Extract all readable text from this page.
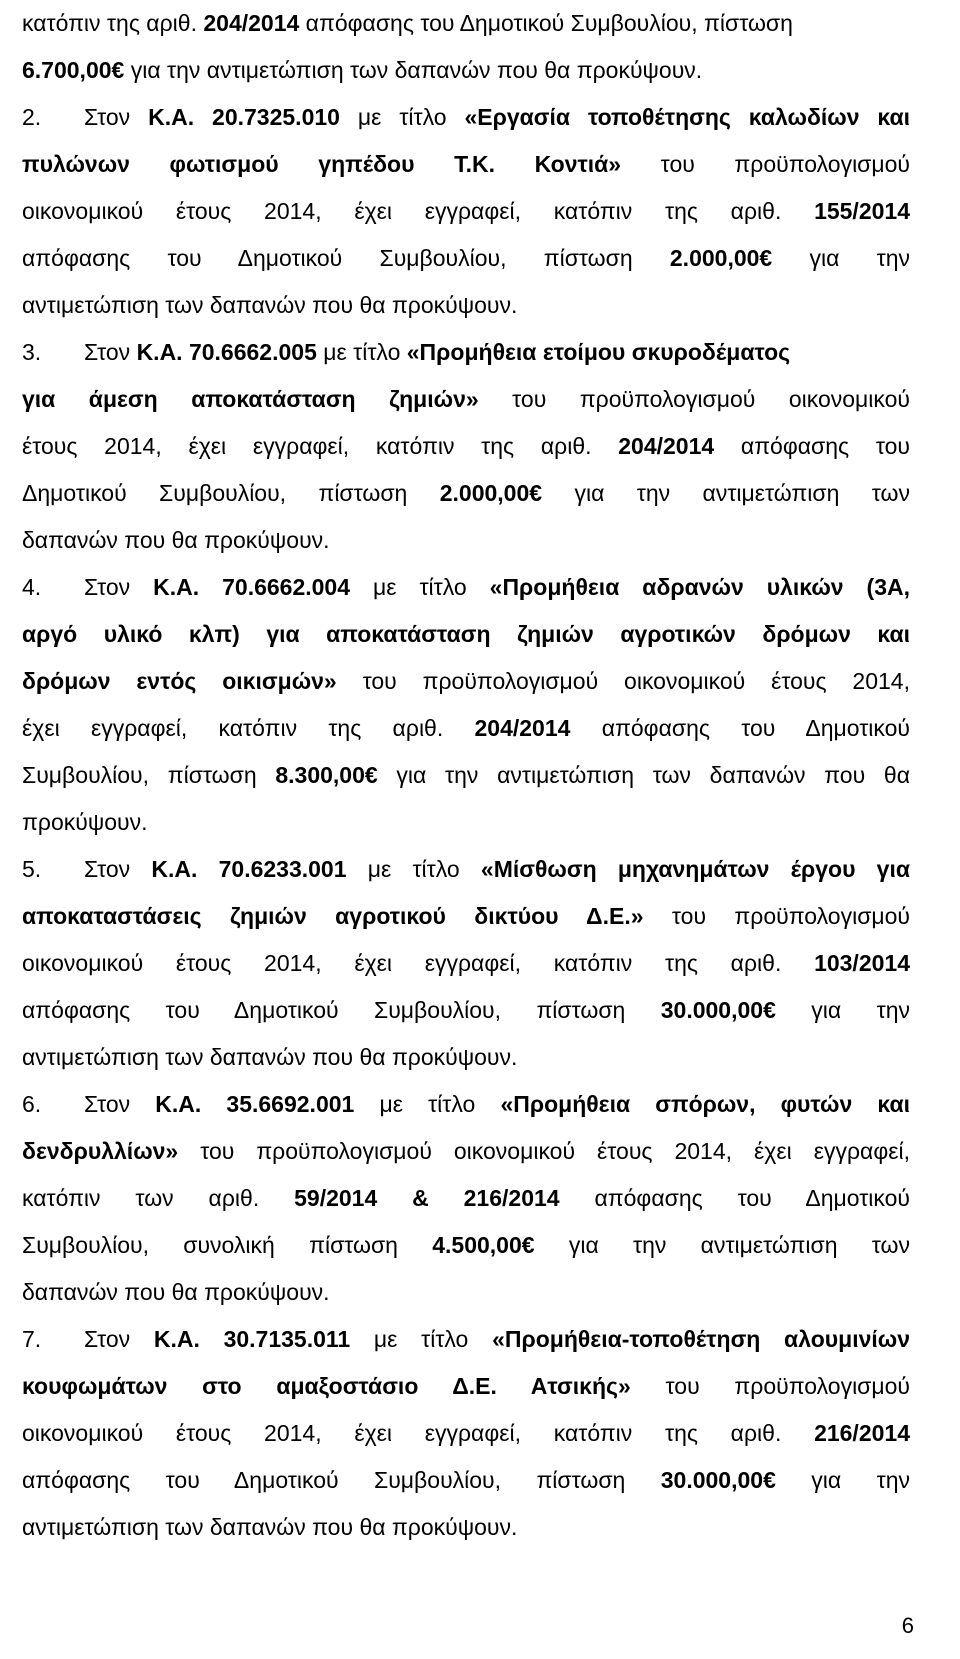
κατόπιν της αριθ. 204/2014 απόφασης του Δημοτικού Συμβουλίου, πίστωση
6.700,00€ για την αντιμετώπιση των δαπανών που θα προκύψουν.
2. Στον Κ.Α. 20.7325.010 με τίτλο «Εργασία τοποθέτησης καλωδίων και
πυλώνων φωτισμού γηπέδου Τ.Κ. Κοντιά» του προϋπολογισμού
οικονομικού έτους 2014, έχει εγγραφεί, κατόπιν της αριθ. 155/2014
απόφασης του Δημοτικού Συμβουλίου, πίστωση 2.000,00€ για την
αντιμετώπιση των δαπανών που θα προκύψουν.
3. Στον Κ.Α. 70.6662.005 με τίτλο «Προμήθεια ετοίμου σκυροδέματος
για άμεση αποκατάσταση ζημιών» του προϋπολογισμού οικονομικού
έτους 2014, έχει εγγραφεί, κατόπιν της αριθ. 204/2014 απόφασης του
Δημοτικού Συμβουλίου, πίστωση 2.000,00€ για την αντιμετώπιση των
δαπανών που θα προκύψουν.
4. Στον Κ.Α. 70.6662.004 με τίτλο «Προμήθεια αδρανών υλικών (3Α,
αργό υλικό κλπ) για αποκατάσταση ζημιών αγροτικών δρόμων και
δρόμων εντός οικισμών» του προϋπολογισμού οικονομικού έτους 2014,
έχει εγγραφεί, κατόπιν της αριθ. 204/2014 απόφασης του Δημοτικού
Συμβουλίου, πίστωση 8.300,00€ για την αντιμετώπιση των δαπανών που θα
προκύψουν.
5. Στον Κ.Α. 70.6233.001 με τίτλο «Μίσθωση μηχανημάτων έργου για
αποκαταστάσεις ζημιών αγροτικού δικτύου Δ.Ε.» του προϋπολογισμού
οικονομικού έτους 2014, έχει εγγραφεί, κατόπιν της αριθ. 103/2014
απόφασης του Δημοτικού Συμβουλίου, πίστωση 30.000,00€ για την
αντιμετώπιση των δαπανών που θα προκύψουν.
6. Στον Κ.Α. 35.6692.001 με τίτλο «Προμήθεια σπόρων, φυτών και
δενδρυλλίων» του προϋπολογισμού οικονομικού έτους 2014, έχει εγγραφεί,
κατόπιν των αριθ. 59/2014 & 216/2014 απόφασης του Δημοτικού
Συμβουλίου, συνολική πίστωση 4.500,00€ για την αντιμετώπιση των
δαπανών που θα προκύψουν.
7. Στον Κ.Α. 30.7135.011 με τίτλο «Προμήθεια-τοποθέτηση αλουμινίων
κουφωμάτων στο αμαξοστάσιο Δ.Ε. Ατσικής» του προϋπολογισμού
οικονομικού έτους 2014, έχει εγγραφεί, κατόπιν της αριθ. 216/2014
απόφασης του Δημοτικού Συμβουλίου, πίστωση 30.000,00€ για την
αντιμετώπιση των δαπανών που θα προκύψουν.
6
